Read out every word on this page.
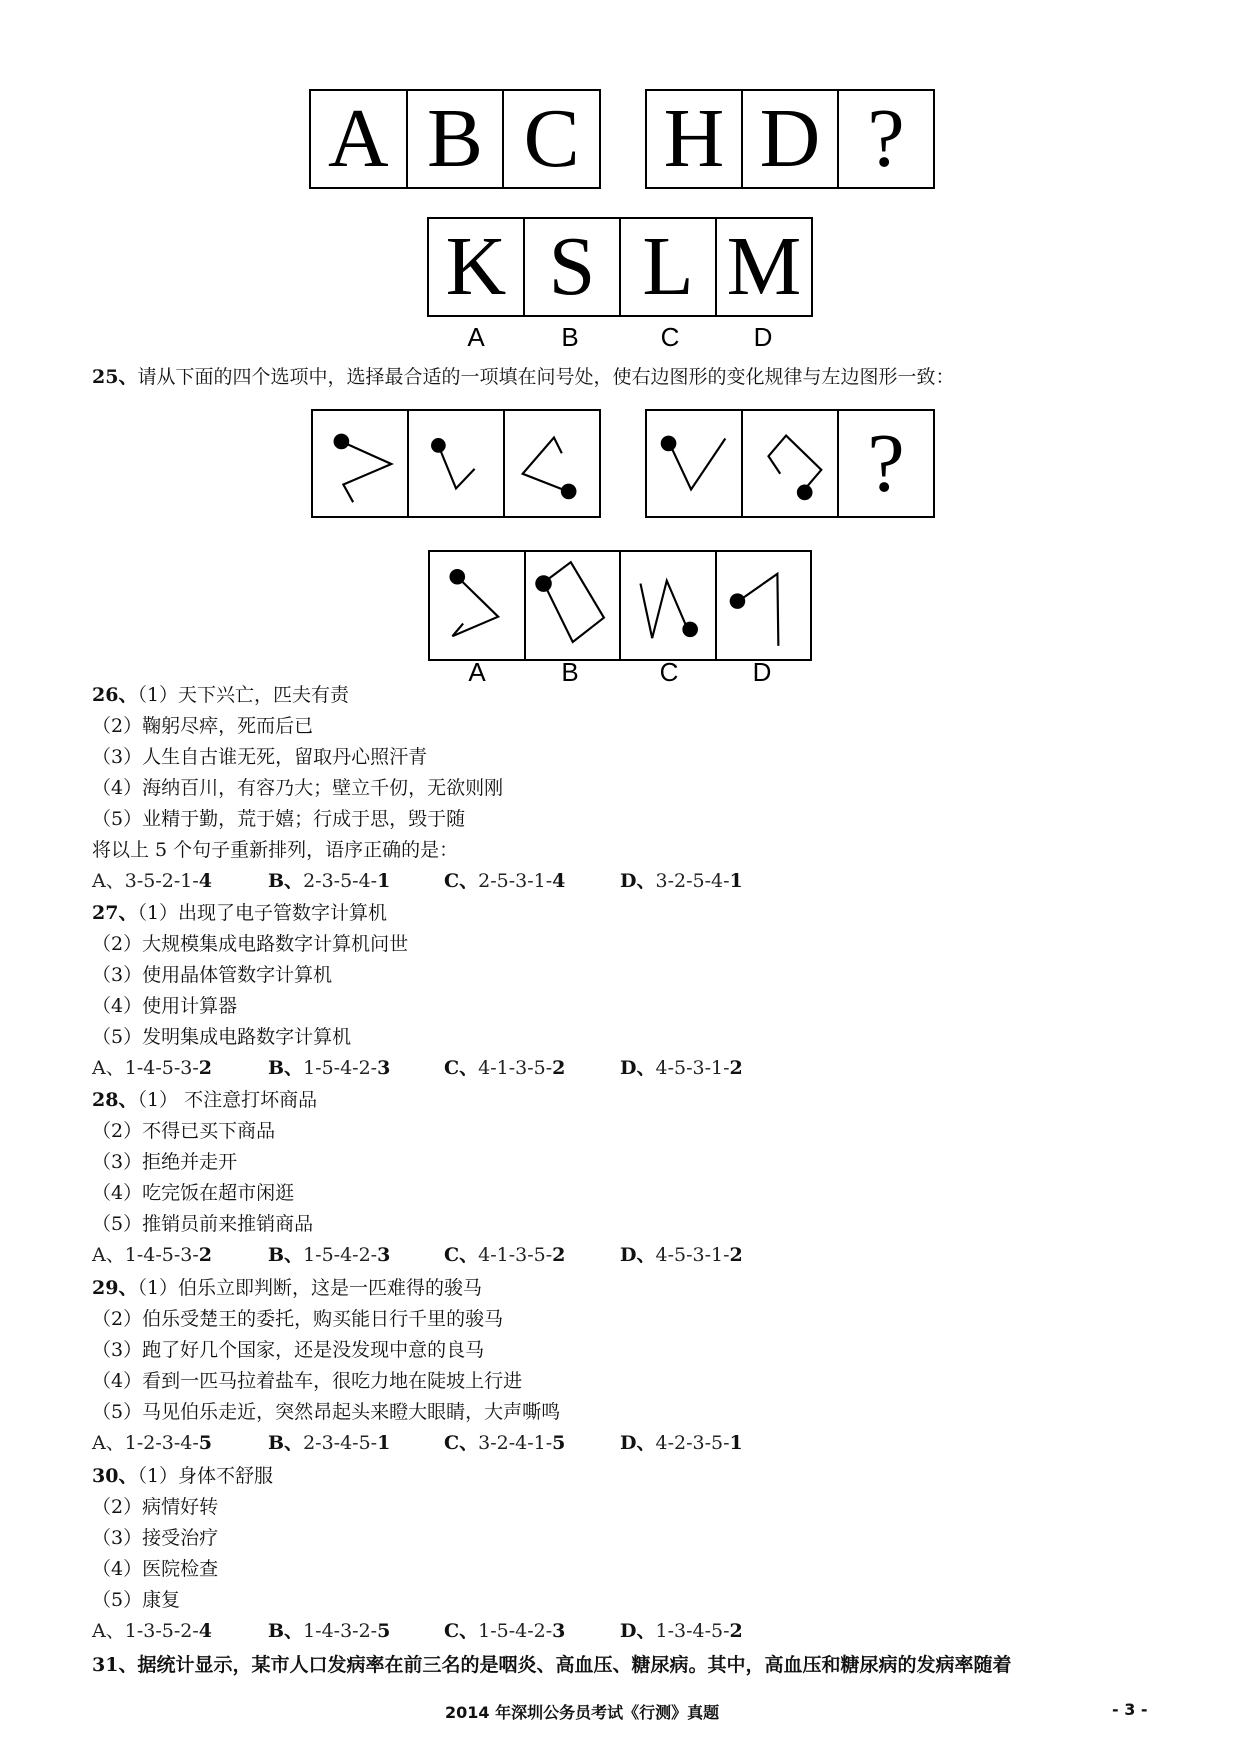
A B C H D ?
K S L M
A	B	C	D
25、请从下面的四个选项中，选择最合适的一项填在问号处，使右边图形的变化规律与左边图形一致：
?
A	B	C	D
26、（1）天下兴亡，匹夫有责
（2）鞠躬尽瘁，死而后已
（3）人生自古谁无死，留取丹心照汗青
（4）海纳百川，有容乃大；壁立千仞，无欲则刚
（5）业精于勤，荒于嬉；行成于思，毁于随
将以上 5 个句子重新排列，语序正确的是：
A、3-5-2-1-4	B、2-3-5-4-1	C、2-5-3-1-4	D、3-2-5-4-1
27、（1）出现了电子管数字计算机
（2）大规模集成电路数字计算机问世
（3）使用晶体管数字计算机
（4）使用计算器
（5）发明集成电路数字计算机
A、1-4-5-3-2	B、1-5-4-2-3	C、4-1-3-5-2	D、4-5-3-1-2
28、（1） 不注意打坏商品
（2）不得已买下商品
（3）拒绝并走开
（4）吃完饭在超市闲逛
（5）推销员前来推销商品
A、1-4-5-3-2	B、1-5-4-2-3	C、4-1-3-5-2	D、4-5-3-1-2
29、（1）伯乐立即判断，这是一匹难得的骏马
（2）伯乐受楚王的委托，购买能日行千里的骏马
（3）跑了好几个国家，还是没发现中意的良马
（4）看到一匹马拉着盐车，很吃力地在陡坡上行进
（5）马见伯乐走近，突然昂起头来瞪大眼睛，大声嘶鸣
A、1-2-3-4-5	B、2-3-4-5-1	C、3-2-4-1-5	D、4-2-3-5-1
30、（1）身体不舒服
（2）病情好转
（3）接受治疗
（4）医院检查
（5）康复
A、1-3-5-2-4	B、1-4-3-2-5	C、1-5-4-2-3	D、1-3-4-5-2
31、据统计显示，某市人口发病率在前三名的是咽炎、高血压、糖尿病。其中，高血压和糖尿病的发病率随着
2014 年深圳公务员考试《行测》真题	- 3 -
